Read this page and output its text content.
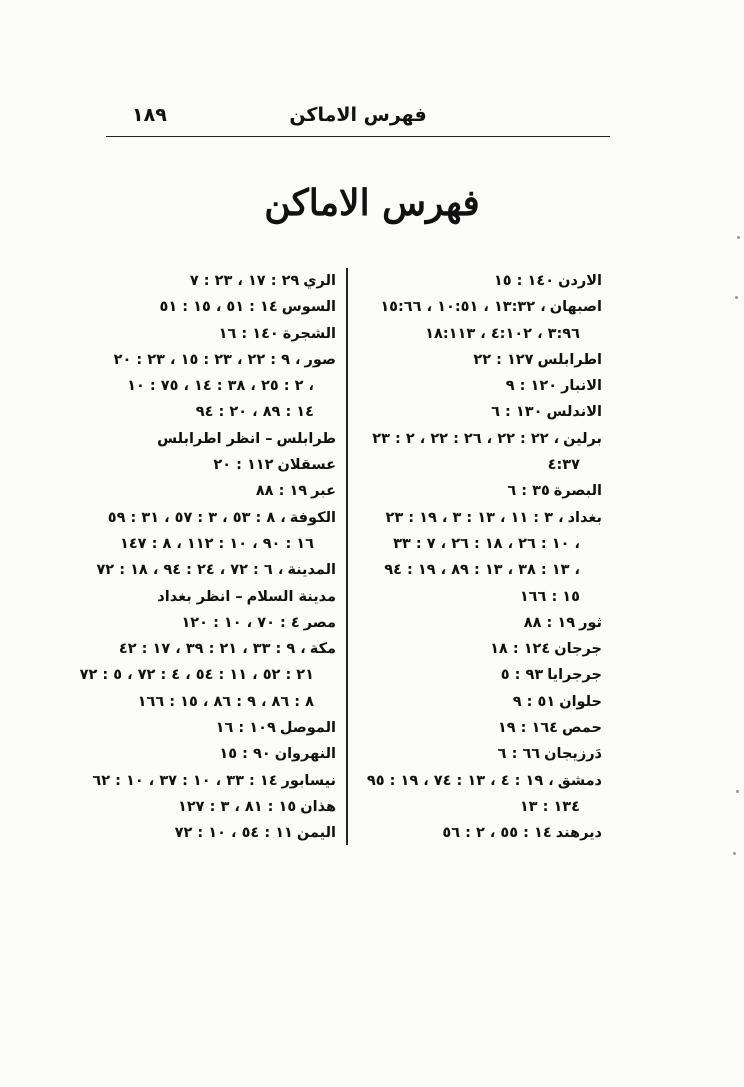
١٨٩	فهرس الاماكن
فهرس الاماكن
الاردن١٤٠ : ١٥
اصبهان١٣:٣٢ ، ١٠:٥١ ، ١٥:٦٦ ،
٣:٩٦ ، ٤:١٠٢ ، ١٨:١١٣
اطرابلس١٢٧ : ٢٢
الانبار١٢٠ : ٩
الاندلس١٣٠ : ٦
برلين٢٢ : ٢٢ ، ٢٦ : ٢٢ ، ٢ : ٢٣ ،
٤:٣٧
البصرة٣٥ : ٦
بغداد٣ : ١١ ، ١٣ : ٣ ، ١٩ : ٢٣ ،
١٠ : ٢٦ ، ١٨ : ٢٦ ، ٧ : ٣٣ ،
١٣ : ٣٨ ، ١٣ : ٨٩ ، ١٩ : ٩٤ ،
١٥ : ١٦٦
ثور١٩ : ٨٨
جرجان١٢٤ : ١٨
جرجرايا٩٣ : ٥
حلوان٥١ : ٩
حمص١٦٤ : ١٩
دَرزيجان٦٦ : ٦
دمشق١٩ : ٤ ، ١٣ : ٧٤ ، ١٩ : ٩٥ ،
١٣٤ : ١٣
ديرهند١٤ : ٥٥ ، ٢ : ٥٦
الري٢٩ : ١٧ ، ٢٣ : ٧
السوس١٤ : ٥١ ، ١٥ : ٥١
الشجرة١٤٠ : ١٦
صور٩ : ٢٢ ، ٢٣ : ١٥ ، ٢٣ : ٢٠ ،
٢ : ٢٥ ، ٣٨ : ١٤ ، ٧٥ : ١٠ ،
١٤ : ٨٩ ، ٢٠ : ٩٤
طرابلس– انظر اطرابلس
عسقلان١١٢ : ٢٠
عبر١٩ : ٨٨
الكوفة٨ : ٥٣ ، ٣ : ٥٧ ، ٣١ : ٥٩ ،
١٦ : ٩٠ ، ١٠ : ١١٢ ، ٨ : ١٤٧
المدينة٦ : ٧٢ ، ٢٤ : ٩٤ ، ١٨ : ٧٢ ،
مدينة السلام– انظر بغداد
مصر٤ : ٧٠ ، ١٠ : ١٢٠
مكة٩ : ٣٣ ، ٢١ : ٣٩ ، ١٧ : ٤٢ ،
٢١ : ٥٢ ، ١١ : ٥٤ ، ٤ : ٧٢ ، ٥ : ٧٢
٨ : ٨٦ ، ٩ : ٨٦ ، ١٥ : ١٦٦
الموصل١٠٩ : ١٦
النهروان٩٠ : ١٥
نيسابور١٤ : ٣٣ ، ١٠ : ٣٧ ، ١٠ : ٦٢
هذان١٥ : ٨١ ، ٣ : ١٢٧
اليمن١١ : ٥٤ ، ١٠ : ٧٢
